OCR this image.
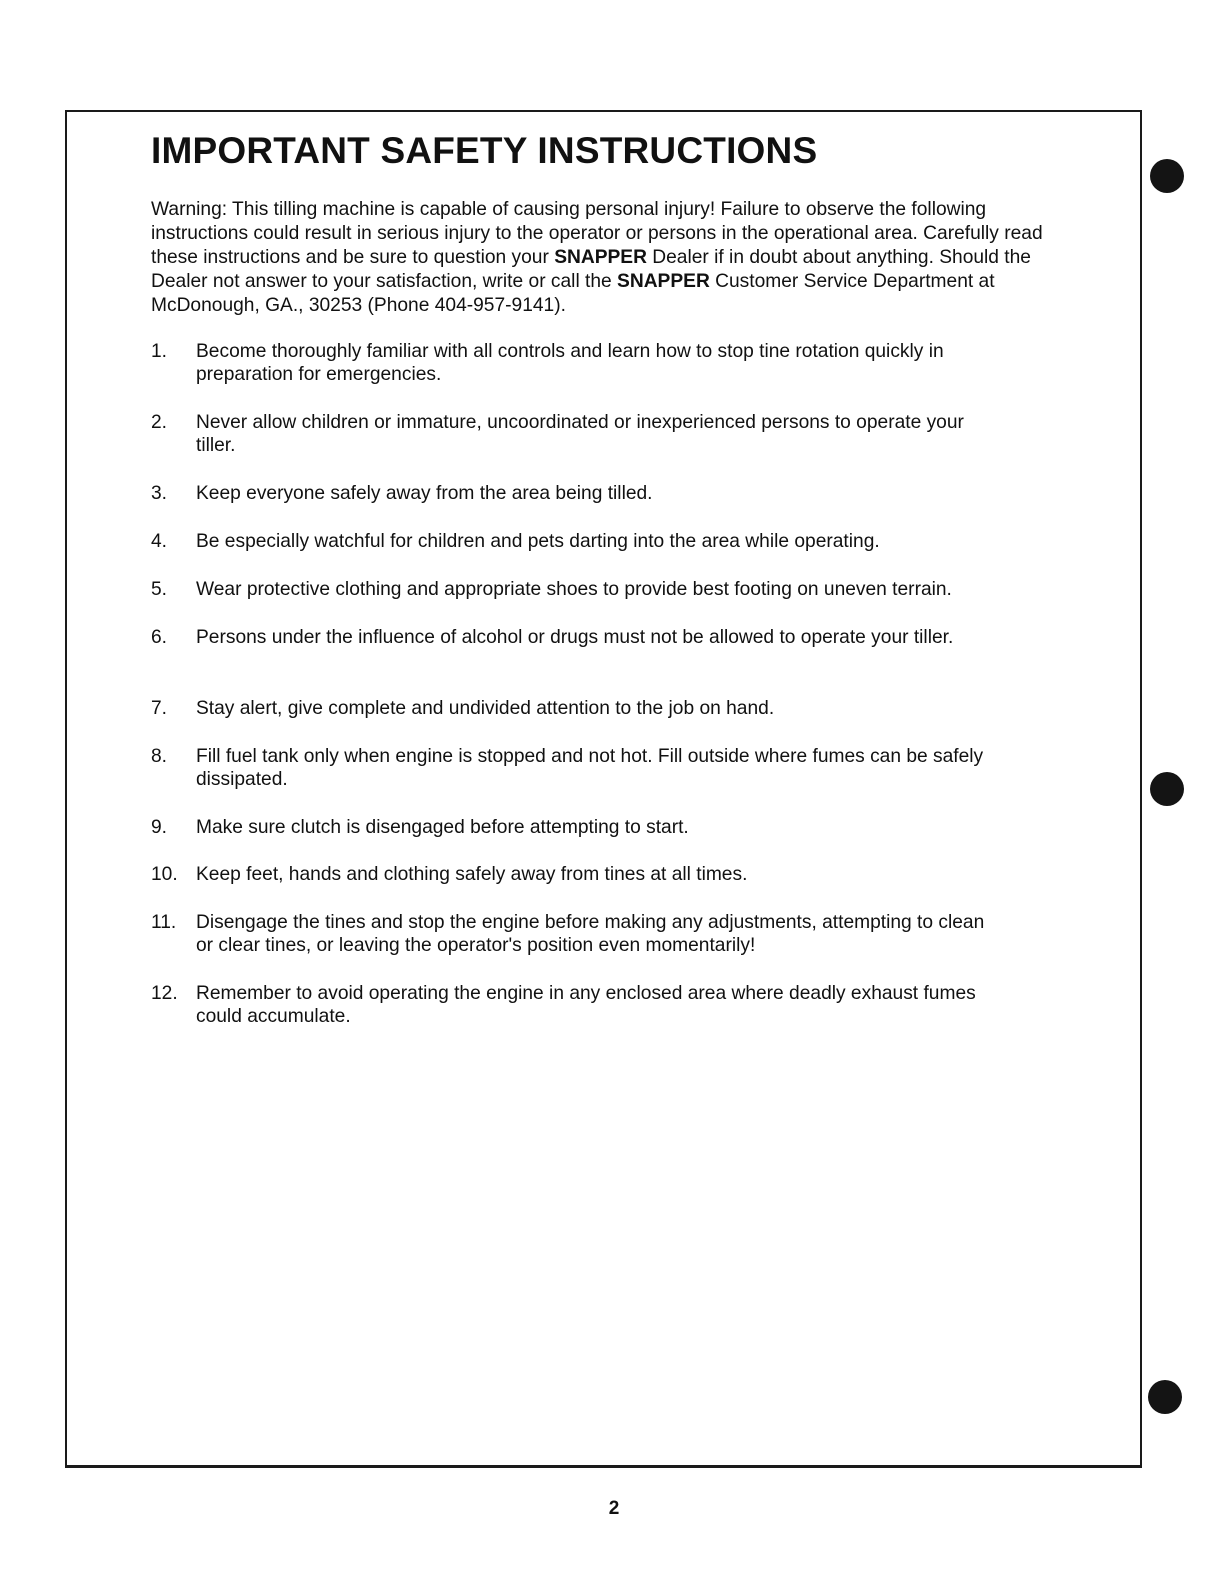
IMPORTANT SAFETY INSTRUCTIONS

Warning: This tilling machine is capable of causing personal injury! Failure to observe the following instructions could result in serious injury to the operator or persons in the operational area. Carefully read these instructions and be sure to question your SNAPPER Dealer if in doubt about anything. Should the Dealer not answer to your satisfaction, write or call the SNAPPER Customer Service Department at McDonough, GA., 30253 (Phone 404-957-9141).

1.	Become thoroughly familiar with all controls and learn how to stop tine rotation quickly in preparation for emergencies.
2.	Never allow children or immature, uncoordinated or inexperienced persons to operate your tiller.
3.	Keep everyone safely away from the area being tilled.
4.	Be especially watchful for children and pets darting into the area while operating.
5.	Wear protective clothing and appropriate shoes to provide best footing on uneven terrain.
6.	Persons under the influence of alcohol or drugs must not be allowed to operate your tiller.
7.	Stay alert, give complete and undivided attention to the job on hand.
8.	Fill fuel tank only when engine is stopped and not hot. Fill outside where fumes can be safely dissipated.
9.	Make sure clutch is disengaged before attempting to start.
10. Keep feet, hands and clothing safely away from tines at all times.
11.	Disengage the tines and stop the engine before making any adjustments, attempting to clean or clear tines, or leaving the operator's position even momentarily!
12. Remember to avoid operating the engine in any enclosed area where deadly exhaust fumes could accumulate.
2
